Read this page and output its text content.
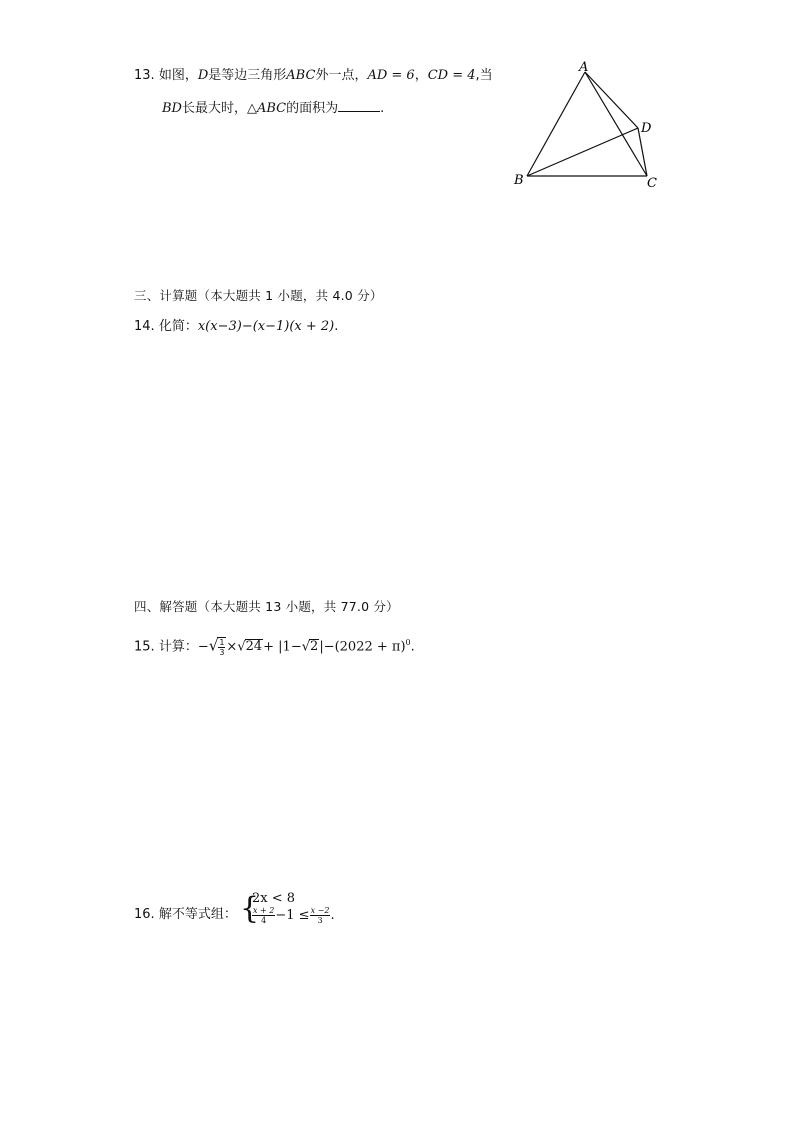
13. 如图，D是等边三角形ABC外一点，AD = 6，CD = 4,当
BD长最大时，△ABC的面积为	.
A
B	C
D
三、计算题（本大题共 1 小题，共 4.0 分）
14. 化简：x(x−3)−(x−1)(x + 2).
四、解答题（本大题共 13 小题，共 77.0 分）
15. 计算：−√ $\frac{1}{3} \times√24+ |1-√2|-(2022 + \pi)^0$.
16. 解不等式组： {
2x < 8
$\frac{x + 2}{4} -1 \le \frac{x -2}{3}$ .
